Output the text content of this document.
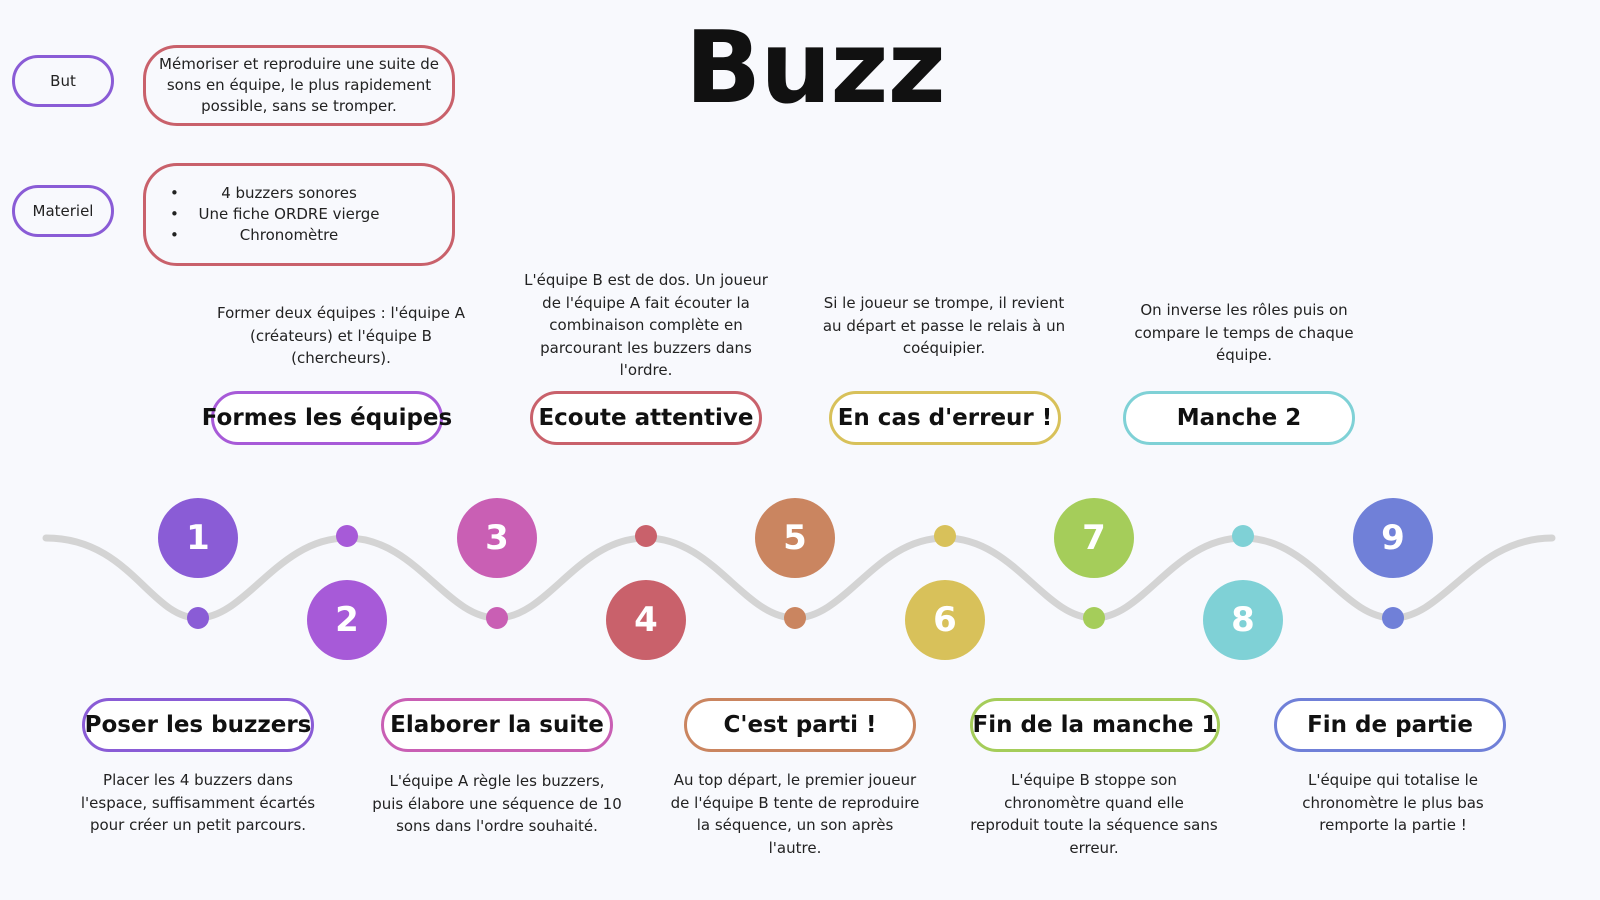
Buzz
But
Mémoriser et reproduire une suite de sons en équipe, le plus rapidement possible, sans se tromper.
Materiel
• 4 buzzers sonores
• Une fiche ORDRE vierge
• Chronomètre
1
2
3
4
5
6
7
8
9
Former deux équipes : l'équipe A (créateurs) et l'équipe B (chercheurs).
Formes les équipes
L'équipe B est de dos. Un joueur de l'équipe A fait écouter la combinaison complète en parcourant les buzzers dans l'ordre.
Ecoute attentive
Si le joueur se trompe, il revient au départ et passe le relais à un coéquipier.
En cas d'erreur !
On inverse les rôles puis on compare le temps de chaque équipe.
Manche 2
Poser les buzzers
Placer les 4 buzzers dans l'espace, suffisamment écartés pour créer un petit parcours.
Elaborer la suite
L'équipe A règle les buzzers, puis élabore une séquence de 10 sons dans l'ordre souhaité.
C'est parti !
Au top départ, le premier joueur de l'équipe B tente de reproduire la séquence, un son après l'autre.
Fin de la manche 1
L'équipe B stoppe son chronomètre quand elle reproduit toute la séquence sans erreur.
Fin de partie
L'équipe qui totalise le chronomètre le plus bas remporte la partie !
